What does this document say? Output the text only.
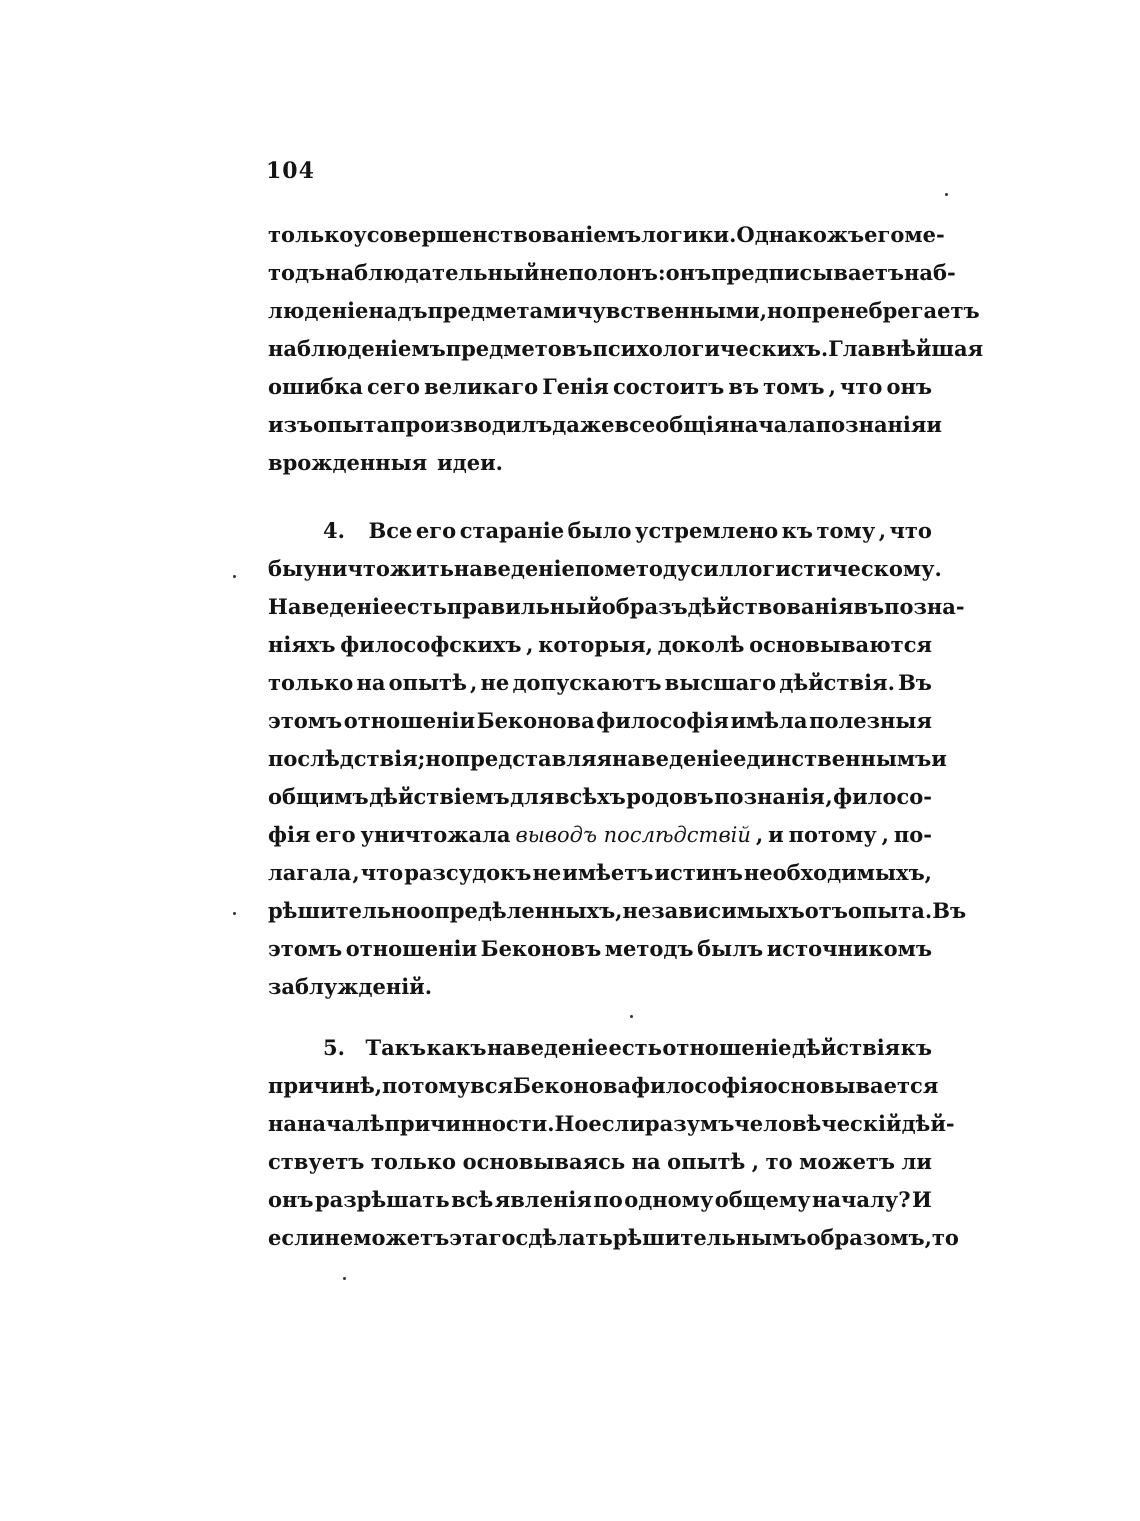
104
только усовершенствованіемъ логики. Однакожъ его ме-
тодъ наблюдательный не полонъ : онъ предписываетъ наб-
люденіе надъ предметами чувственными , но пренебрегаетъ
наблюденіемъ предметовъ психологическихъ. Главнѣйшая
ошибка сего великаго Генія состоитъ въ томъ , что онъ
изъ опыта производилъ даже всеобщія начала познанія и
врожденныя идеи.
4. Все его стараніе было устремлено къ тому , что
бы уничтожить наведеніе по методу силлогистическому.
Наведеніе есть правильный образъ дѣйствованія въ позна-
ніяхъ философскихъ , которыя, доколѣ основываются
только на опытѣ , не допускаютъ высшаго дѣйствія. Въ
этомъ отношеніи Беконова философія имѣла полезныя
послѣдствія ; но представляя наведеніе единственнымъ и
общимъ дѣйствіемъ для всѣхъ родовъ познанія , филосо-
фія его уничтожала выводъ послѣдствій , и потому , по-
лагала , что разсудокъ не имѣетъ истинъ необходимыхъ,
рѣшительно опредѣленныхъ, независимыхъ отъ опыта. Въ
этомъ отношеніи Беконовъ методъ былъ источникомъ
заблужденій.
5. Такъ какъ наведеніе есть отношеніе дѣйствія къ
причинѣ , потому вся Беконова философія основывается
на началѣ причинности. Но если разумъ человѣческій дѣй-
ствуетъ только основываясь на опытѣ , то можетъ ли
онъ разрѣшать всѣ явленія по одному общему началу? И
если не можетъ этаго сдѣлать рѣшительнымъ образомъ, то
